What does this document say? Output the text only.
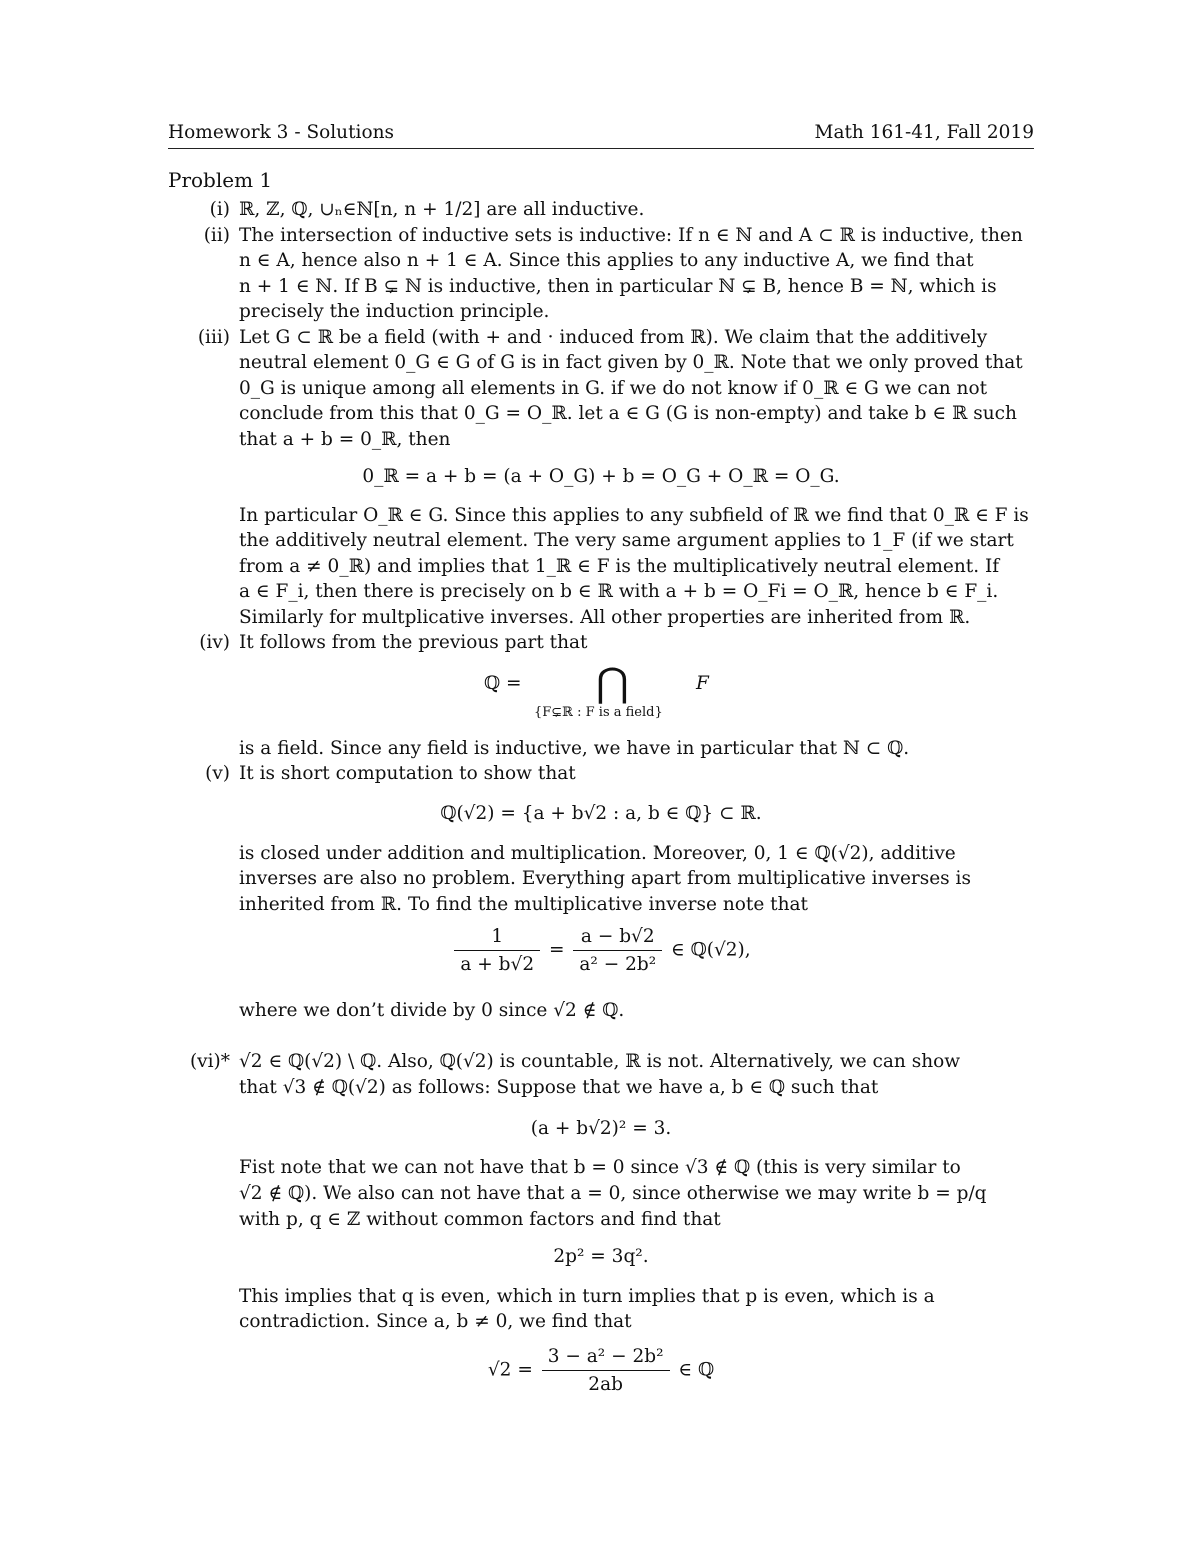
Homework 3 - Solutions	Math 161-41, Fall 2019
Problem 1
(i) ℝ, ℤ, ℚ, ∪ₙ∈ℕ[n, n + 1/2] are all inductive.
(ii) The intersection of inductive sets is inductive: If n ∈ ℕ and A ⊂ ℝ is inductive, then
n ∈ A, hence also n + 1 ∈ A. Since this applies to any inductive A, we find that
n + 1 ∈ ℕ. If B ⊊ ℕ is inductive, then in particular ℕ ⊊ B, hence B = ℕ, which is
precisely the induction principle.
(iii) Let G ⊂ ℝ be a field (with + and · induced from ℝ). We claim that the additively
neutral element 0_G ∈ G of G is in fact given by 0_ℝ. Note that we only proved that
0_G is unique among all elements in G. if we do not know if 0_ℝ ∈ G we can not
conclude from this that 0_G = O_ℝ. let a ∈ G (G is non-empty) and take b ∈ ℝ such
that a + b = 0_ℝ, then
0_ℝ = a + b = (a + O_G) + b = O_G + O_ℝ = O_G.
In particular O_ℝ ∈ G. Since this applies to any subfield of ℝ we find that 0_ℝ ∈ F is
the additively neutral element. The very same argument applies to 1_F (if we start
from a ≠ 0_ℝ) and implies that 1_ℝ ∈ F is the multiplicatively neutral element. If
a ∈ F_i, then there is precisely on b ∈ ℝ with a + b = O_Fi = O_ℝ, hence b ∈ F_i.
Similarly for multplicative inverses. All other properties are inherited from ℝ.
(iv) It follows from the previous part that
ℚ = ⋂
{F⊊ℝ : F is a field}
F
is a field. Since any field is inductive, we have in particular that ℕ ⊂ ℚ.
(v) It is short computation to show that
ℚ(√2) = {a + b√2 : a, b ∈ ℚ} ⊂ ℝ.
is closed under addition and multiplication. Moreover, 0, 1 ∈ ℚ(√2), additive
inverses are also no problem. Everything apart from multiplicative inverses is
inherited from ℝ. To find the multiplicative inverse note that
$\frac{1}{a + b√2} = \frac{a - b√2}{\text{a² − 2b²}}$ ∈ ℚ(√2),
where we don’t divide by 0 since √2 ∉ ℚ.
(vi)* √2 ∈ ℚ(√2) \ ℚ. Also, ℚ(√2) is countable, ℝ is not. Alternatively, we can show
that √3 ∉ ℚ(√2) as follows: Suppose that we have a, b ∈ ℚ such that
(a + b√2)² = 3.
Fist note that we can not have that b = 0 since √3 ∉ ℚ (this is very similar to
√2 ∉ ℚ). We also can not have that a = 0, since otherwise we may write b = p/q
with p, q ∈ ℤ without common factors and find that
2p² = 3q².
This implies that q is even, which in turn implies that p is even, which is a
contradiction. Since a, b ≠ 0, we find that
$√2 = \frac{\text{3 − a² − 2b²}}{2ab}$ ∈ ℚ
